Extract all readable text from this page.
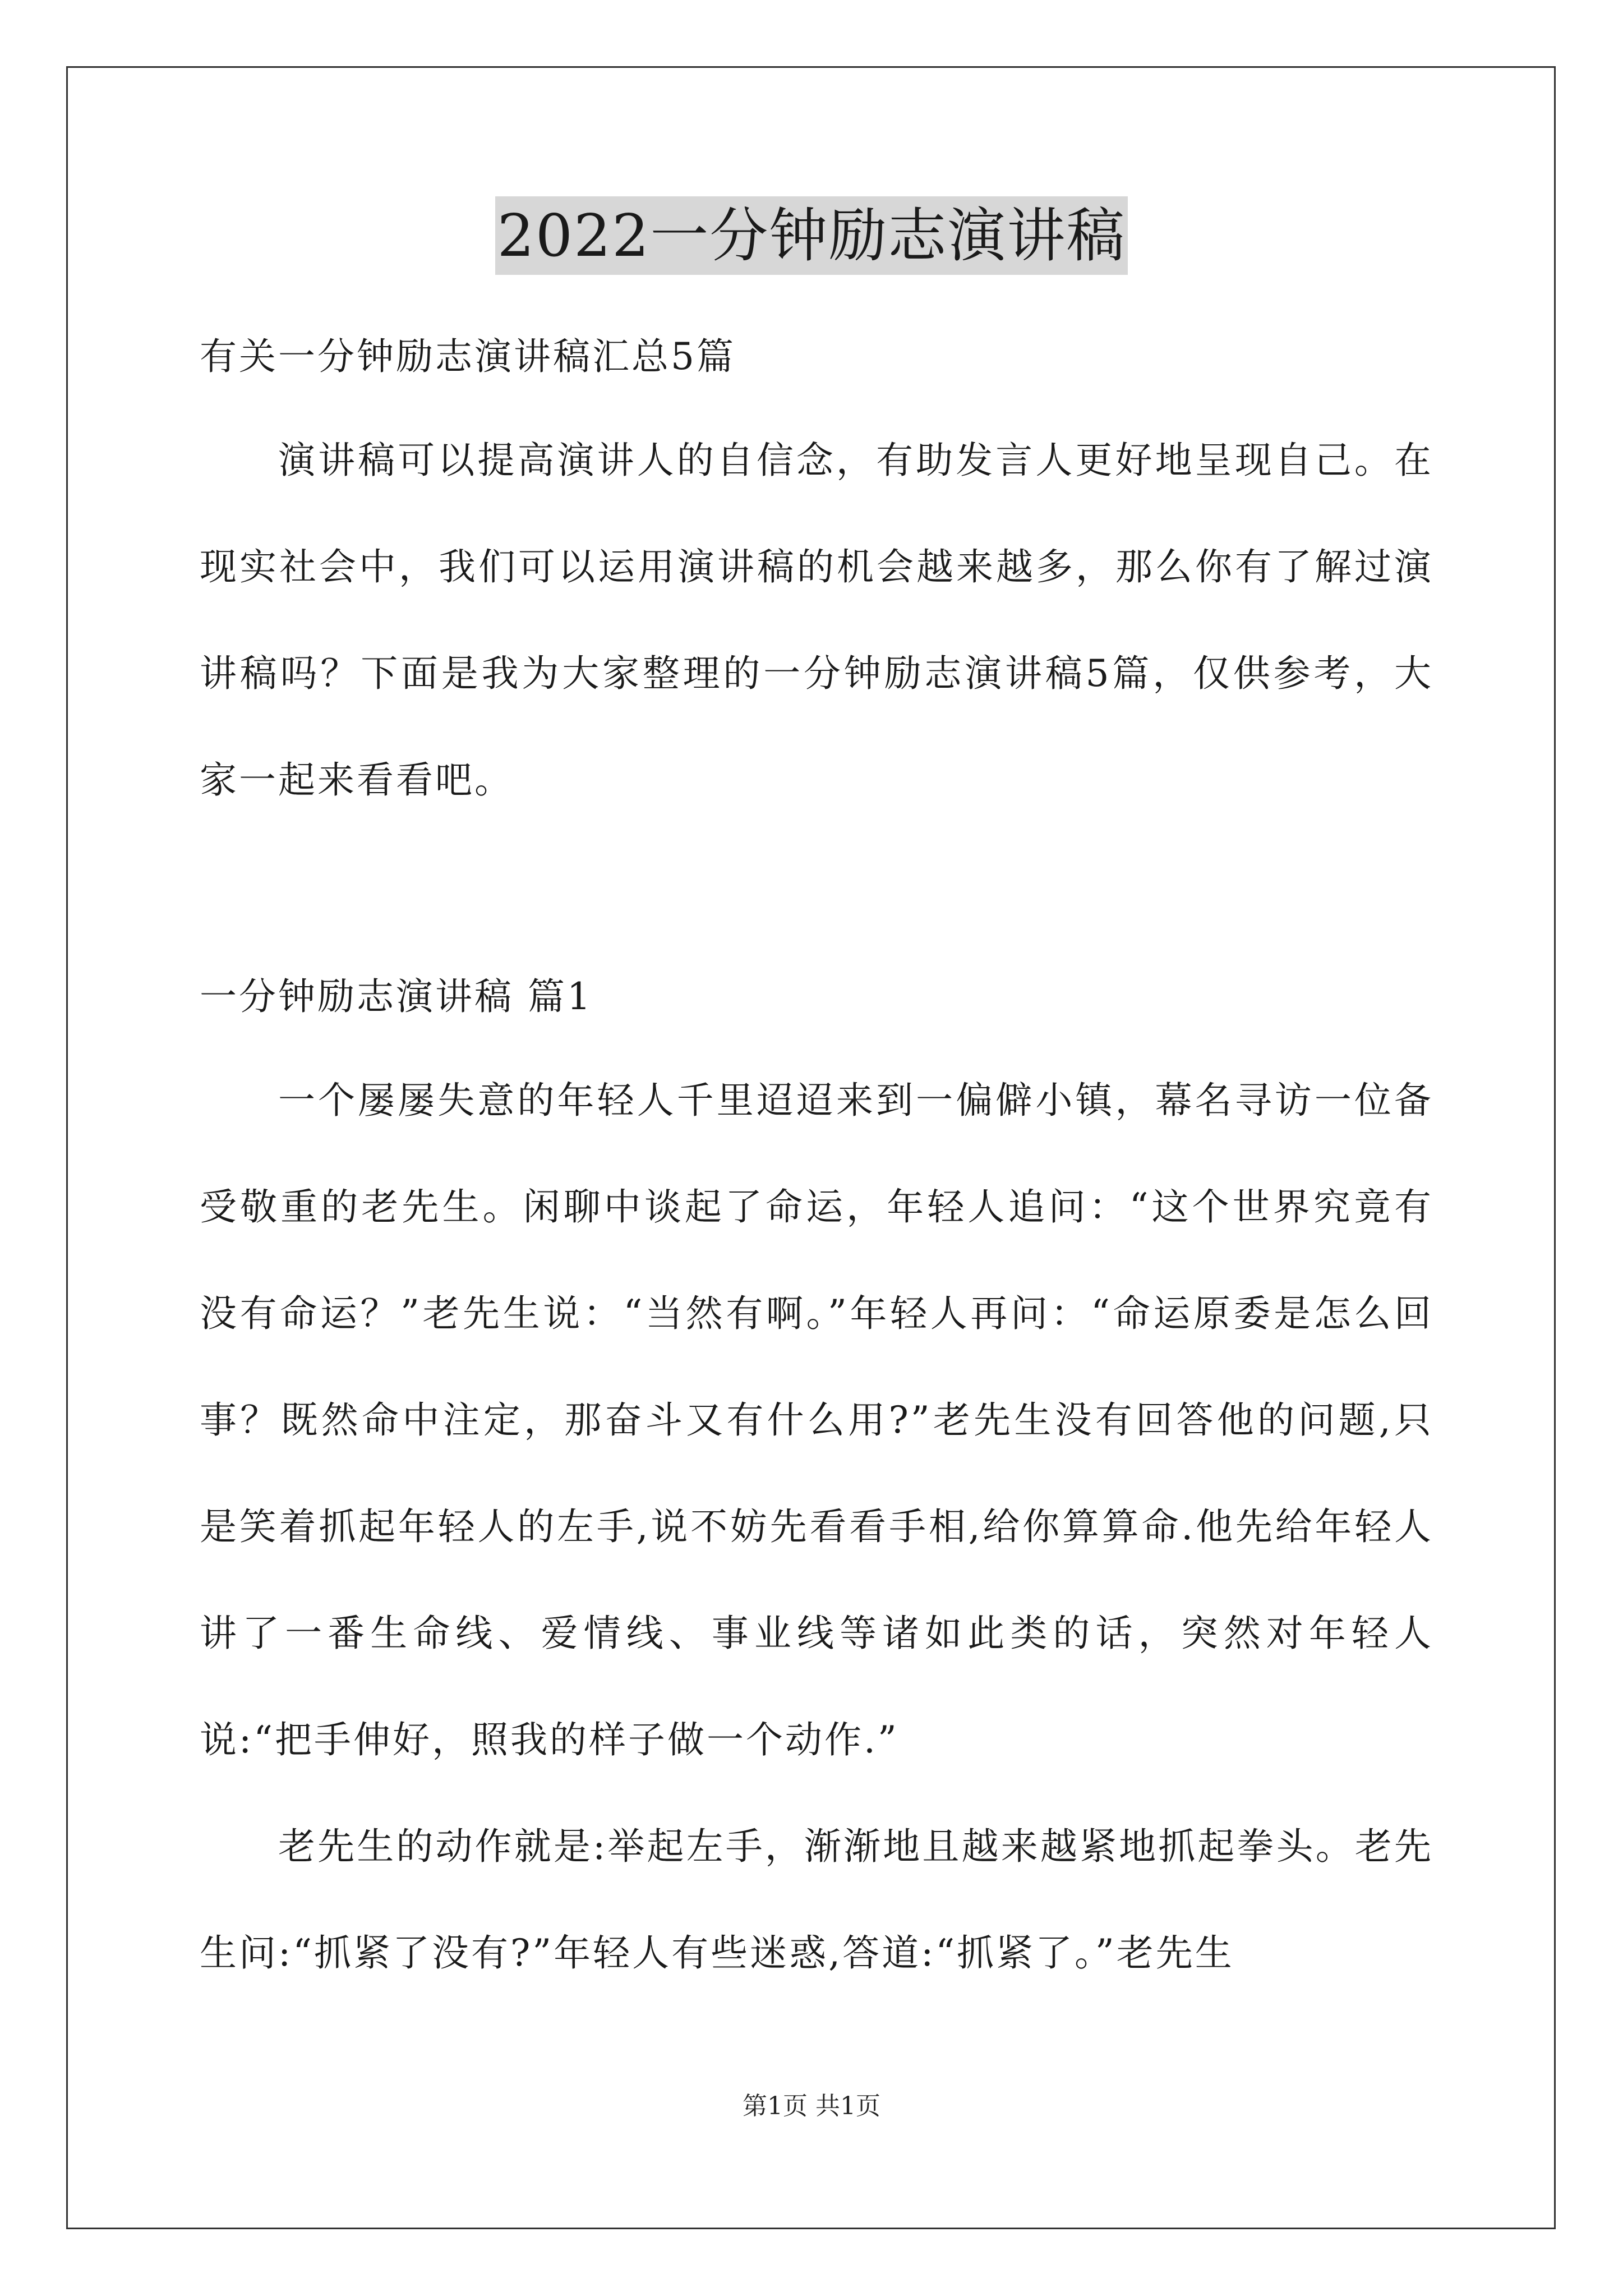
2022一分钟励志演讲稿
有关一分钟励志演讲稿汇总5篇

演讲稿可以提高演讲人的自信念，有助发言人更好地呈现自己。在现实社会中，我们可以运用演讲稿的机会越来越多，那么你有了解过演讲稿吗？下面是我为大家整理的一分钟励志演讲稿5篇，仅供参考，大家一起来看看吧。

一分钟励志演讲稿 篇1

一个屡屡失意的年轻人千里迢迢来到一偏僻小镇，幕名寻访一位备受敬重的老先生。闲聊中谈起了命运，年轻人追问：“这个世界究竟有没有命运？”老先生说：“当然有啊。”年轻人再问：“命运原委是怎么回事？既然命中注定，那奋斗又有什么用?”老先生没有回答他的问题,只是笑着抓起年轻人的左手,说不妨先看看手相,给你算算命.他先给年轻人讲了一番生命线、爱情线、事业线等诸如此类的话，突然对年轻人说:“把手伸好，照我的样子做一个动作.”

老先生的动作就是:举起左手，渐渐地且越来越紧地抓起拳头。老先生问:“抓紧了没有?”年轻人有些迷惑,答道:“抓紧了。”老先生

第1页 共1页
